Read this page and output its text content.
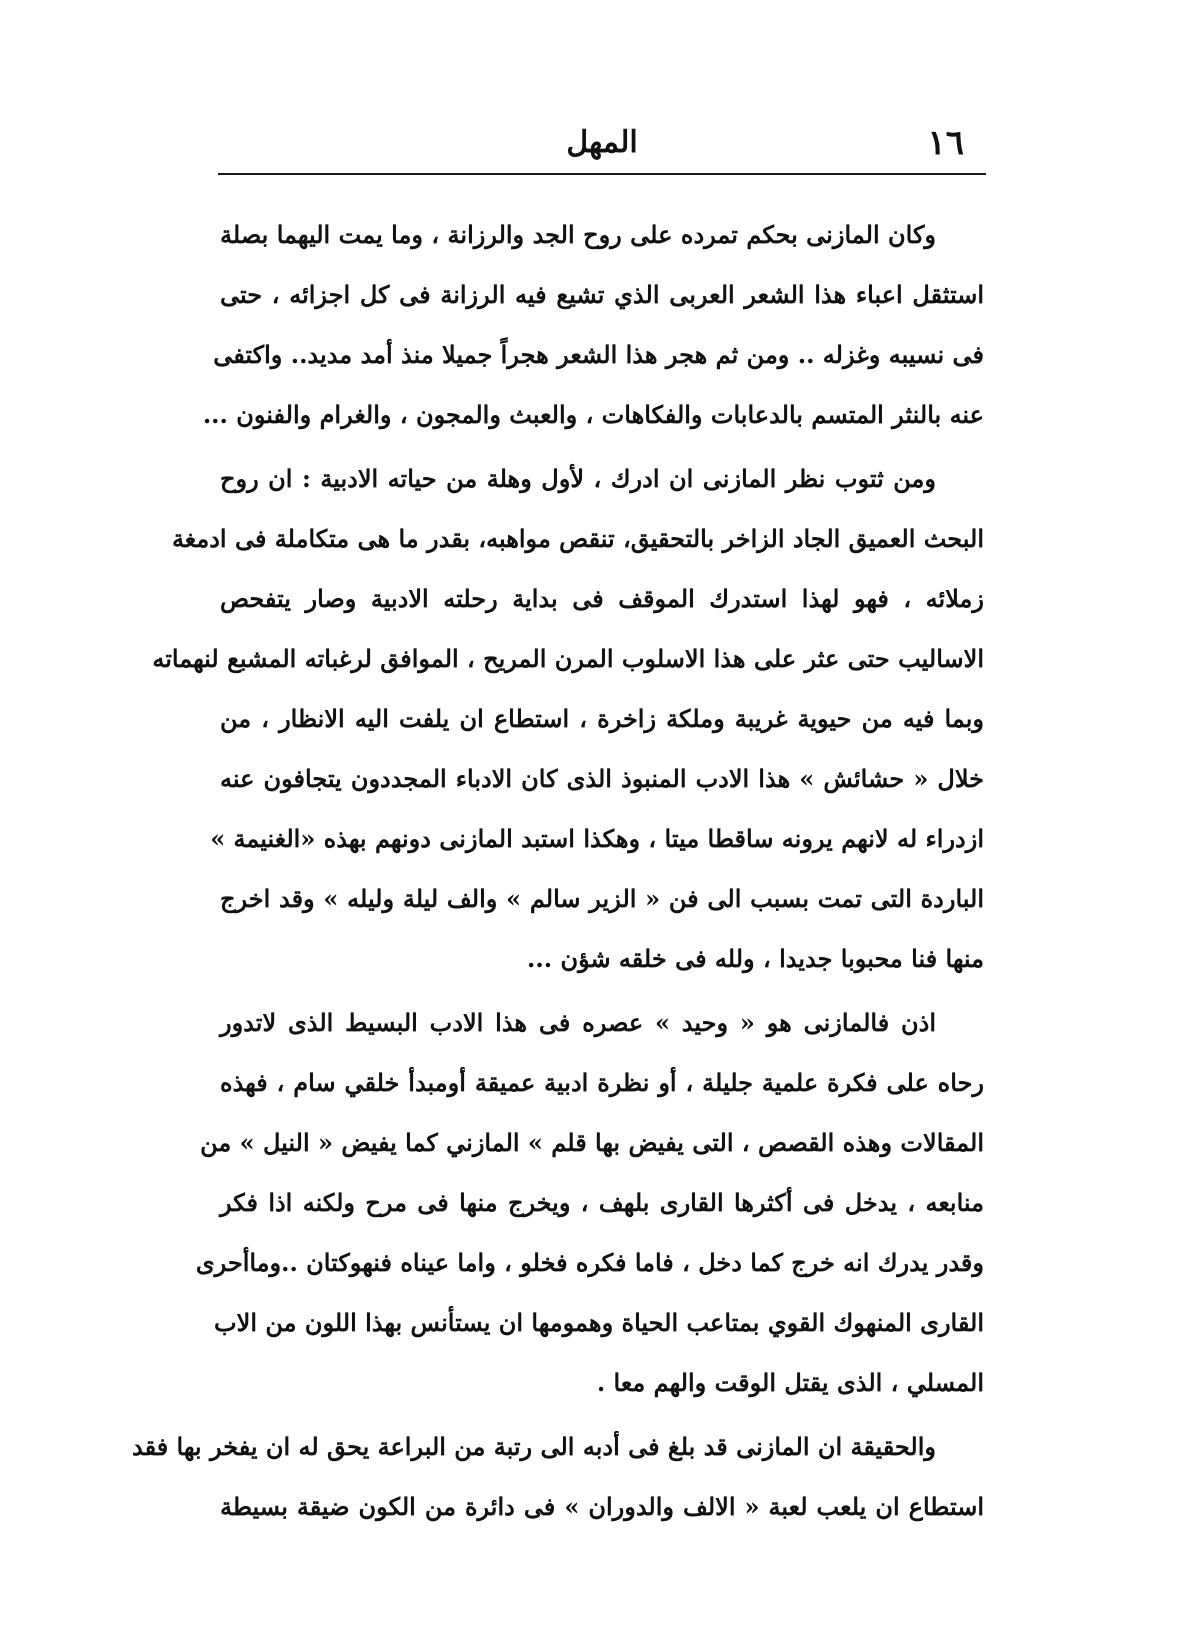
١٦
المهل
وكان المازنى بحكم تمرده على روح الجد والرزانة ، وما يمت اليهما بصلة
استثقل اعباء هذا الشعر العربى الذي تشيع فيه الرزانة فى كل اجزائه ، حتى
فى نسيبه وغزله .. ومن ثم هجر هذا الشعر هجراً جميلا منذ أمد مديد.. واكتفى
عنه بالنثر المتسم بالدعابات والفكاهات ، والعبث والمجون ، والغرام والفنون ...
ومن ثتوب نظر المازنى ان ادرك ، لأول وهلة من حياته الادبية : ان روح
البحث العميق الجاد الزاخر بالتحقيق، تنقص مواهبه، بقدر ما هى متكاملة فى ادمغة
زملائه ، فهو لهذا استدرك الموقف فى بداية رحلته الادبية وصار يتفحص
الاساليب حتى عثر على هذا الاسلوب المرن المريح ، الموافق لرغباته المشبع لنهماته
وبما فيه من حيوية غريبة وملكة زاخرة ، استطاع ان يلفت اليه الانظار ، من
خلال « حشائش » هذا الادب المنبوذ الذى كان الادباء المجددون يتجافون عنه
ازدراء له لانهم يرونه ساقطا ميتا ، وهكذا استبد المازنى دونهم بهذه «الغنيمة »
الباردة التى تمت بسبب الى فن « الزير سالم » والف ليلة وليله » وقد اخرج
منها فنا محبوبا جديدا ، ولله فى خلقه شؤن ...
اذن فالمازنى هو « وحيد » عصره فى هذا الادب البسيط الذى لاتدور
رحاه على فكرة علمية جليلة ، أو نظرة ادبية عميقة أومبدأ خلقي سام ، فهذه
المقالات وهذه القصص ، التى يفيض بها قلم » المازني كما يفيض « النيل » من
منابعه ، يدخل فى أكثرها القارى بلهف ، ويخرج منها فى مرح ولكنه اذا فكر
وقدر يدرك انه خرج كما دخل ، فاما فكره فخلو ، واما عيناه فنهوكتان ..وماأحرى
القارى المنهوك القوي بمتاعب الحياة وهمومها ان يستأنس بهذا اللون من الاب
المسلي ، الذى يقتل الوقت والهم معا .
والحقيقة ان المازنى قد بلغ فى أدبه الى رتبة من البراعة يحق له ان يفخر بها فقد
استطاع ان يلعب لعبة « الالف والدوران » فى دائرة من الكون ضيقة بسيطة
